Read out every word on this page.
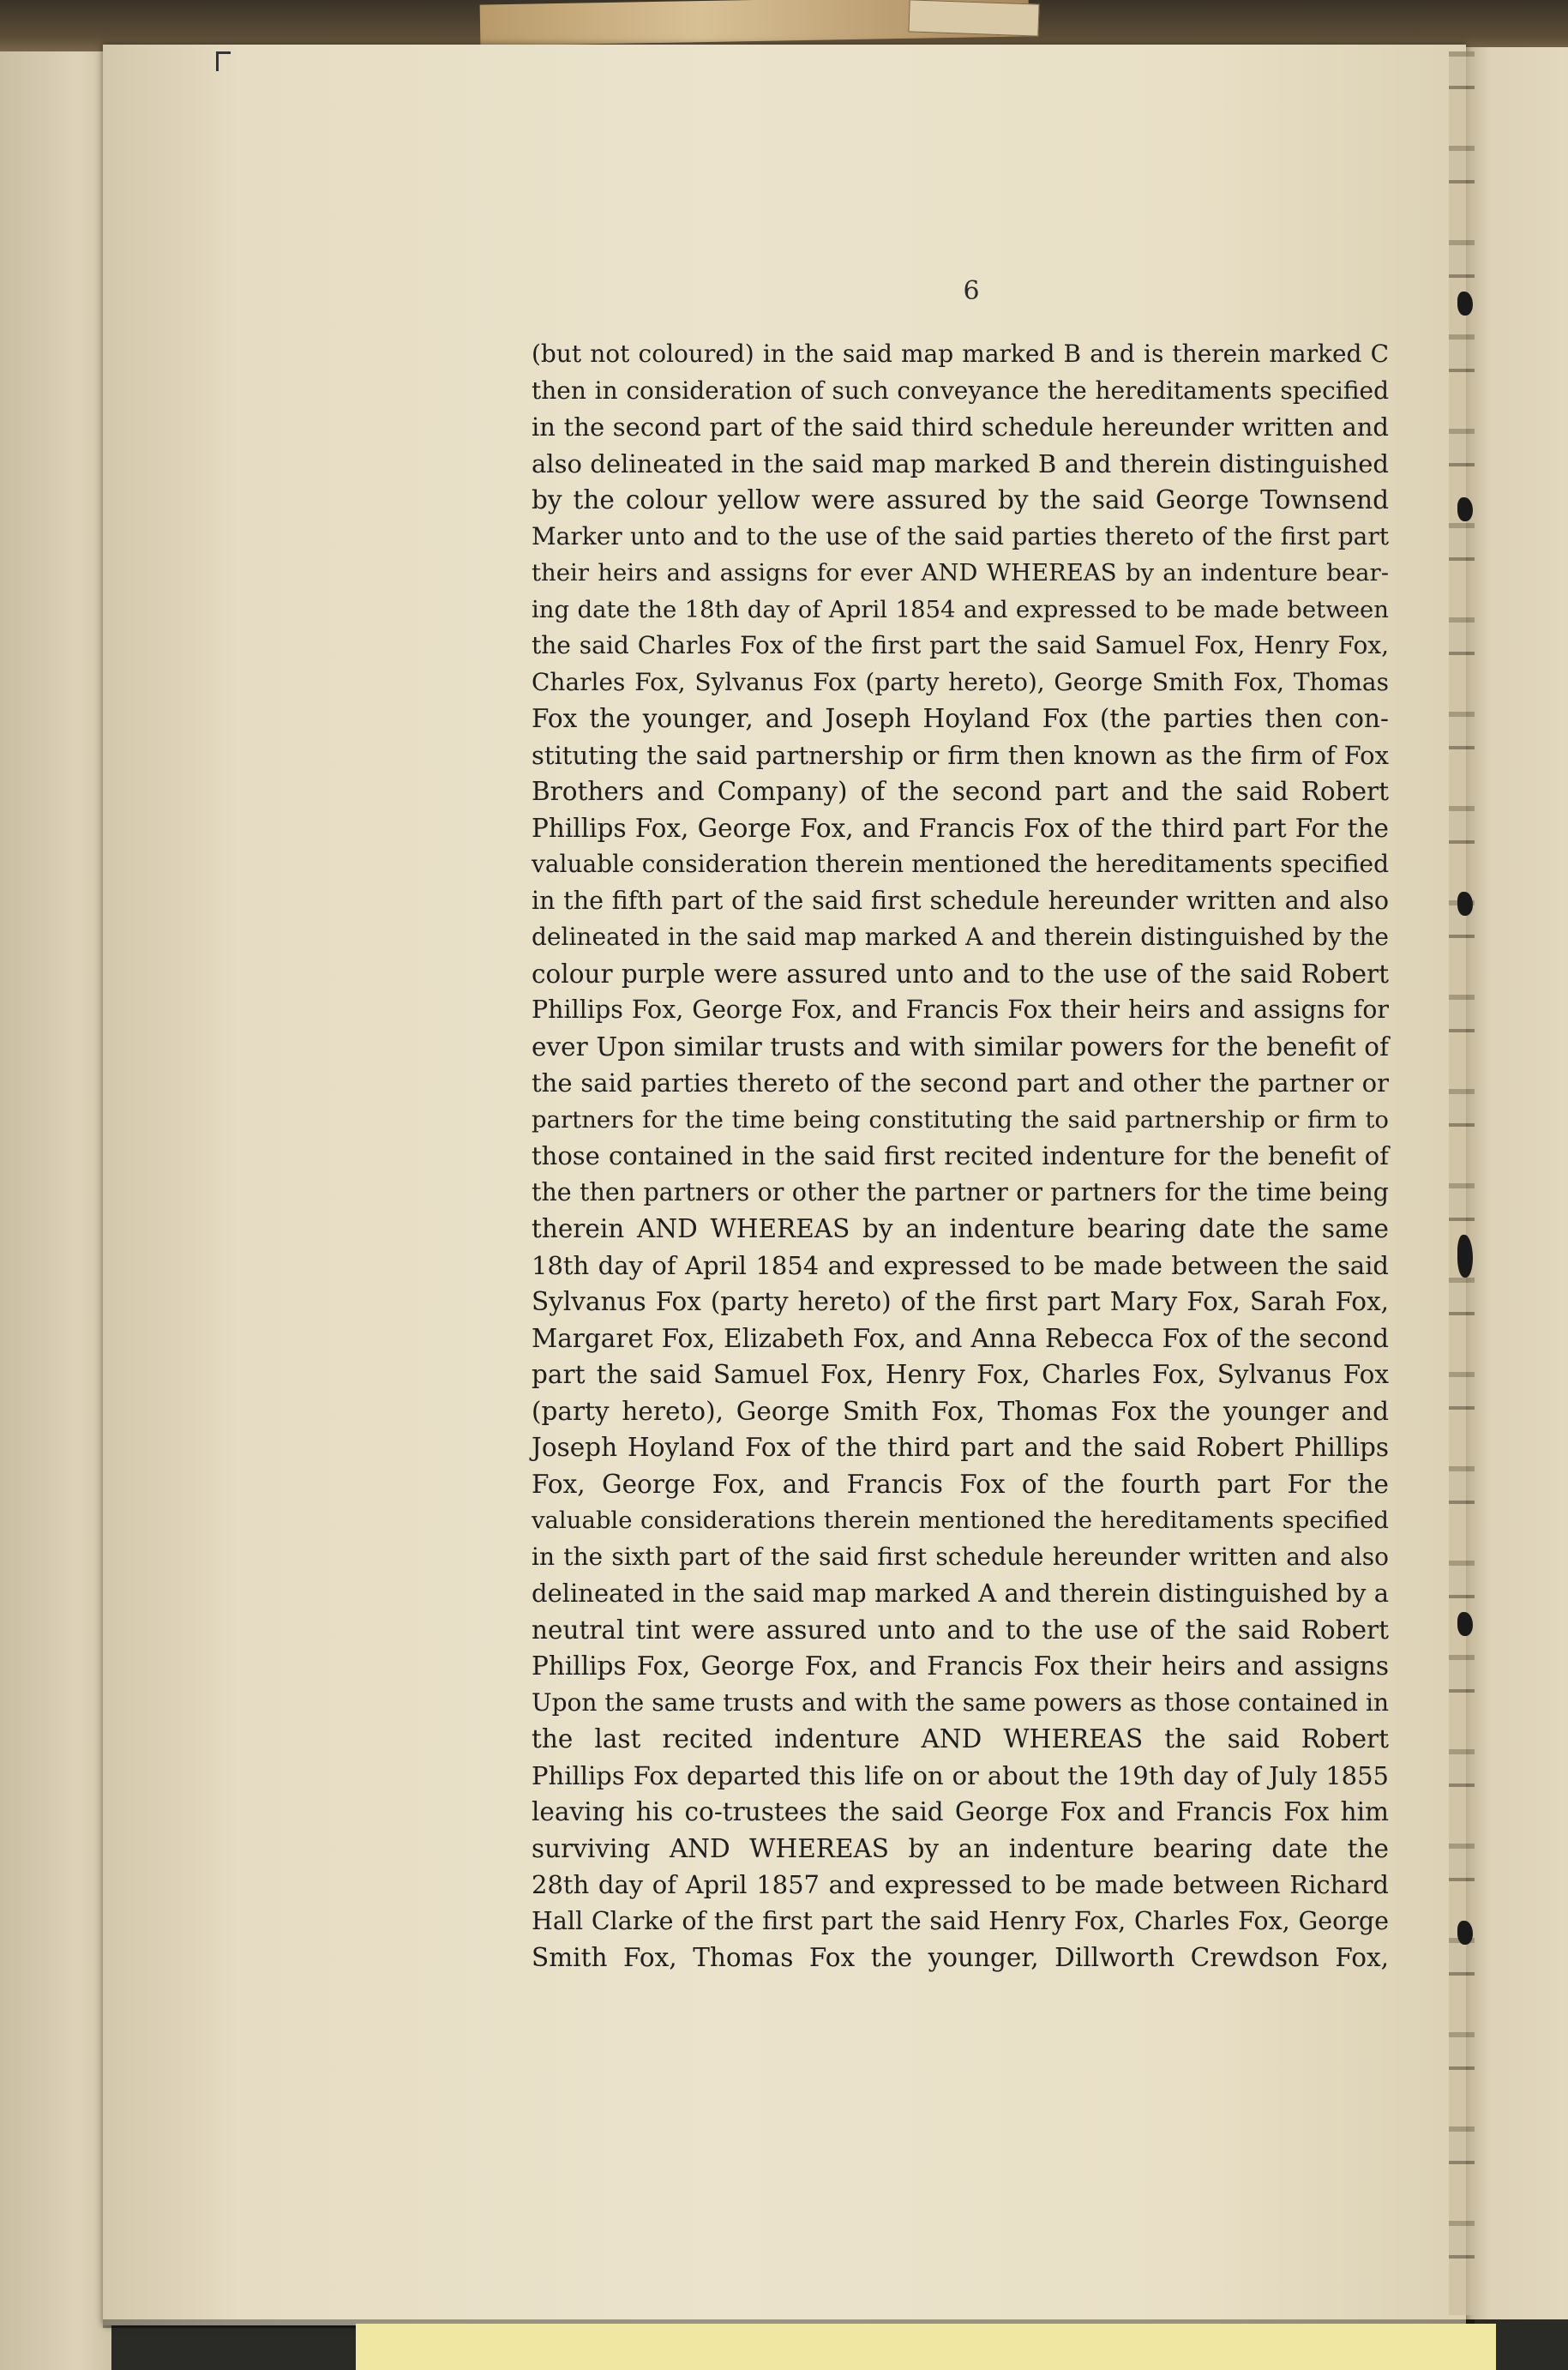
6
(but not coloured) in the said map marked B and is therein marked C
then in consideration of such conveyance the hereditaments specified
in the second part of the said third schedule hereunder written and
also delineated in the said map marked B and therein distinguished
by the colour yellow were assured by the said George Townsend
Marker unto and to the use of the said parties thereto of the first part
their heirs and assigns for ever AND WHEREAS by an indenture bear-
ing date the 18th day of April 1854 and expressed to be made between
the said Charles Fox of the first part the said Samuel Fox, Henry Fox,
Charles Fox, Sylvanus Fox (party hereto), George Smith Fox, Thomas
Fox the younger, and Joseph Hoyland Fox (the parties then con-
stituting the said partnership or firm then known as the firm of Fox
Brothers and Company) of the second part and the said Robert
Phillips Fox, George Fox, and Francis Fox of the third part For the
valuable consideration therein mentioned the hereditaments specified
in the fifth part of the said first schedule hereunder written and also
delineated in the said map marked A and therein distinguished by the
colour purple were assured unto and to the use of the said Robert
Phillips Fox, George Fox, and Francis Fox their heirs and assigns for
ever Upon similar trusts and with similar powers for the benefit of
the said parties thereto of the second part and other the partner or
partners for the time being constituting the said partnership or firm to
those contained in the said first recited indenture for the benefit of
the then partners or other the partner or partners for the time being
therein AND WHEREAS by an indenture bearing date the same
18th day of April 1854 and expressed to be made between the said
Sylvanus Fox (party hereto) of the first part Mary Fox, Sarah Fox,
Margaret Fox, Elizabeth Fox, and Anna Rebecca Fox of the second
part the said Samuel Fox, Henry Fox, Charles Fox, Sylvanus Fox
(party hereto), George Smith Fox, Thomas Fox the younger and
Joseph Hoyland Fox of the third part and the said Robert Phillips
Fox, George Fox, and Francis Fox of the fourth part For the
valuable considerations therein mentioned the hereditaments specified
in the sixth part of the said first schedule hereunder written and also
delineated in the said map marked A and therein distinguished by a
neutral tint were assured unto and to the use of the said Robert
Phillips Fox, George Fox, and Francis Fox their heirs and assigns
Upon the same trusts and with the same powers as those contained in
the last recited indenture AND WHEREAS the said Robert
Phillips Fox departed this life on or about the 19th day of July 1855
leaving his co-trustees the said George Fox and Francis Fox him
surviving AND WHEREAS by an indenture bearing date the
28th day of April 1857 and expressed to be made between Richard
Hall Clarke of the first part the said Henry Fox, Charles Fox, George
Smith Fox, Thomas Fox the younger, Dillworth Crewdson Fox,
